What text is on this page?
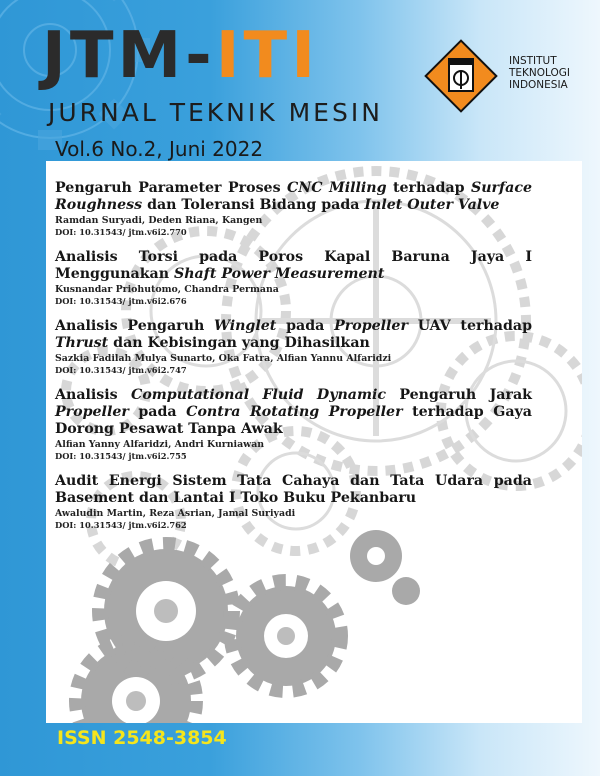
JTM-ITI
JURNAL TEKNIK MESIN
Vol.6 No.2, Juni 2022
INSTITUT
TEKNOLOGI
INDONESIA
Pengaruh Parameter Proses CNC Milling terhadap Surface Roughness dan Toleransi Bidang pada Inlet Outer Valve
Ramdan Suryadi, Deden Riana, Kangen
DOI: 10.31543/ jtm.v6i2.770
Analisis Torsi pada Poros Kapal Baruna Jaya I Menggunakan Shaft Power Measurement
Kusnandar Priohutomo, Chandra Permana
DOI: 10.31543/ jtm.v6i2.676
Analisis Pengaruh Winglet pada Propeller UAV terhadap Thrust dan Kebisingan yang Dihasilkan
Sazkia Fadilah Mulya Sunarto, Oka Fatra, Alfian Yannu Alfaridzi
DOI: 10.31543/ jtm.v6i2.747
Analisis Computational Fluid Dynamic Pengaruh Jarak Propeller pada Contra Rotating Propeller terhadap Gaya Dorong Pesawat Tanpa Awak
Alfian Yanny Alfaridzi, Andri Kurniawan
DOI: 10.31543/ jtm.v6i2.755
Audit Energi Sistem Tata Cahaya dan Tata Udara pada Basement dan Lantai I Toko Buku Pekanbaru
Awaludin Martin, Reza Asrian, Jamal Suriyadi
DOI: 10.31543/ jtm.v6i2.762
ISSN 2548-3854
